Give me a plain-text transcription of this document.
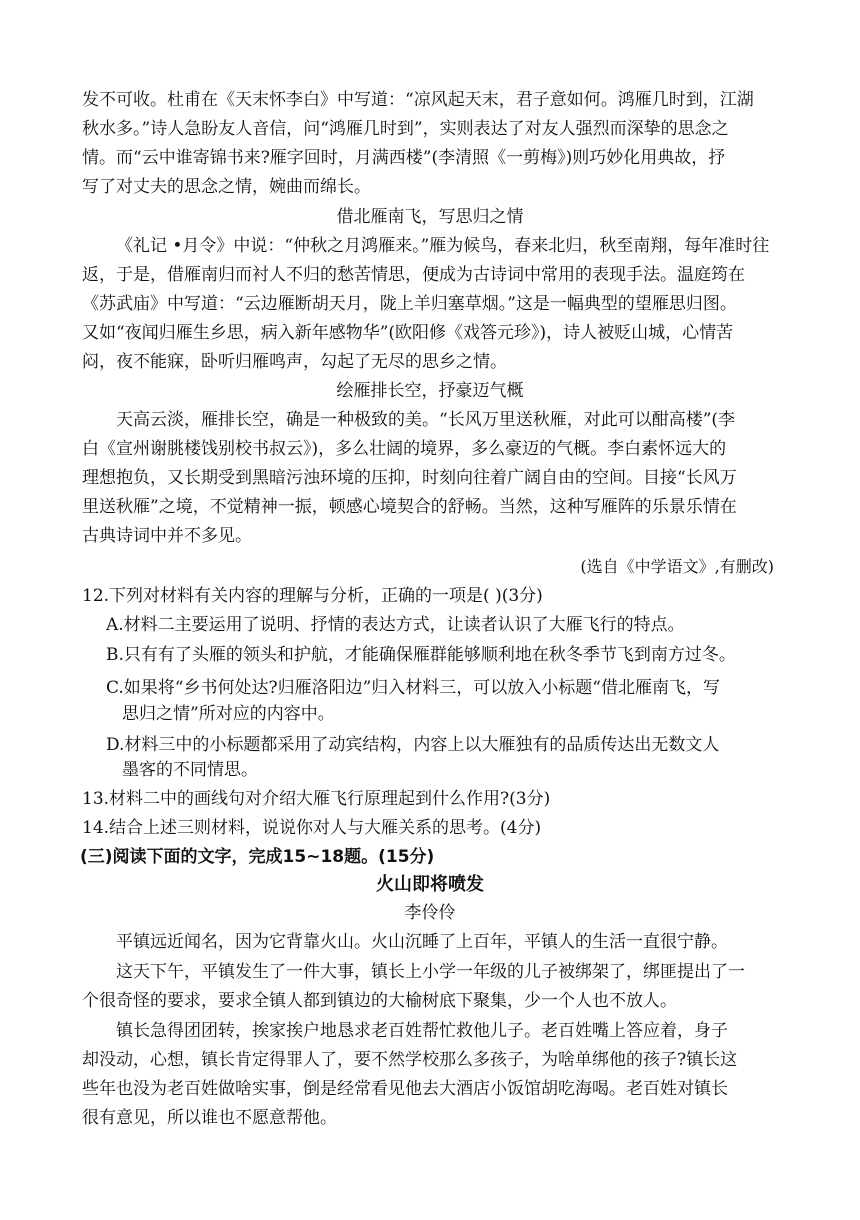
发不可收。杜甫在《天末怀李白》中写道：“凉风起天末，君子意如何。鸿雁几时到，江湖
秋水多。”诗人急盼友人音信，问“鸿雁几时到”，实则表达了对友人强烈而深挚的思念之
情。而“云中谁寄锦书来?雁字回时，月满西楼”(李清照《一剪梅》)则巧妙化用典故，抒
写了对丈夫的思念之情，婉曲而绵长。
借北雁南飞，写思归之情
《礼记 •月令》中说：“仲秋之月鸿雁来。”雁为候鸟，春来北归，秋至南翔，每年准时往
返，于是，借雁南归而衬人不归的愁苦情思，便成为古诗词中常用的表现手法。温庭筠在
《苏武庙》中写道：“云边雁断胡天月，陇上羊归塞草烟。”这是一幅典型的望雁思归图。
又如“夜闻归雁生乡思，病入新年感物华”(欧阳修《戏答元珍》)，诗人被贬山城，心情苦
闷，夜不能寐，卧听归雁鸣声，勾起了无尽的思乡之情。
绘雁排长空，抒豪迈气概
天高云淡，雁排长空，确是一种极致的美。“长风万里送秋雁，对此可以酣高楼”(李
白《宣州谢朓楼饯别校书叔云》)，多么壮阔的境界，多么豪迈的气概。李白素怀远大的
理想抱负，又长期受到黑暗污浊环境的压抑，时刻向往着广阔自由的空间。目接“长风万
里送秋雁”之境，不觉精神一振，顿感心境契合的舒畅。当然，这种写雁阵的乐景乐情在
古典诗词中并不多见。
(选自《中学语文》,有删改)
12.下列对材料有关内容的理解与分析，正确的一项是( )(3分)
A.材料二主要运用了说明、抒情的表达方式，让读者认识了大雁飞行的特点。
B.只有有了头雁的领头和护航，才能确保雁群能够顺利地在秋冬季节飞到南方过冬。
C.如果将“乡书何处达?归雁洛阳边”归入材料三，可以放入小标题“借北雁南飞，写
思归之情”所对应的内容中。
D.材料三中的小标题都采用了动宾结构，内容上以大雁独有的品质传达出无数文人
墨客的不同情思。
13.材料二中的画线句对介绍大雁飞行原理起到什么作用?(3分)
14.结合上述三则材料，说说你对人与大雁关系的思考。(4分)
(三)阅读下面的文字，完成15~18题。(15分)
火山即将喷发
李伶伶
平镇远近闻名，因为它背靠火山。火山沉睡了上百年，平镇人的生活一直很宁静。
这天下午，平镇发生了一件大事，镇长上小学一年级的儿子被绑架了，绑匪提出了一
个很奇怪的要求，要求全镇人都到镇边的大榆树底下聚集，少一个人也不放人。
镇长急得团团转，挨家挨户地恳求老百姓帮忙救他儿子。老百姓嘴上答应着，身子
却没动，心想，镇长肯定得罪人了，要不然学校那么多孩子，为啥单绑他的孩子?镇长这
些年也没为老百姓做啥实事，倒是经常看见他去大酒店小饭馆胡吃海喝。老百姓对镇长
很有意见，所以谁也不愿意帮他。
